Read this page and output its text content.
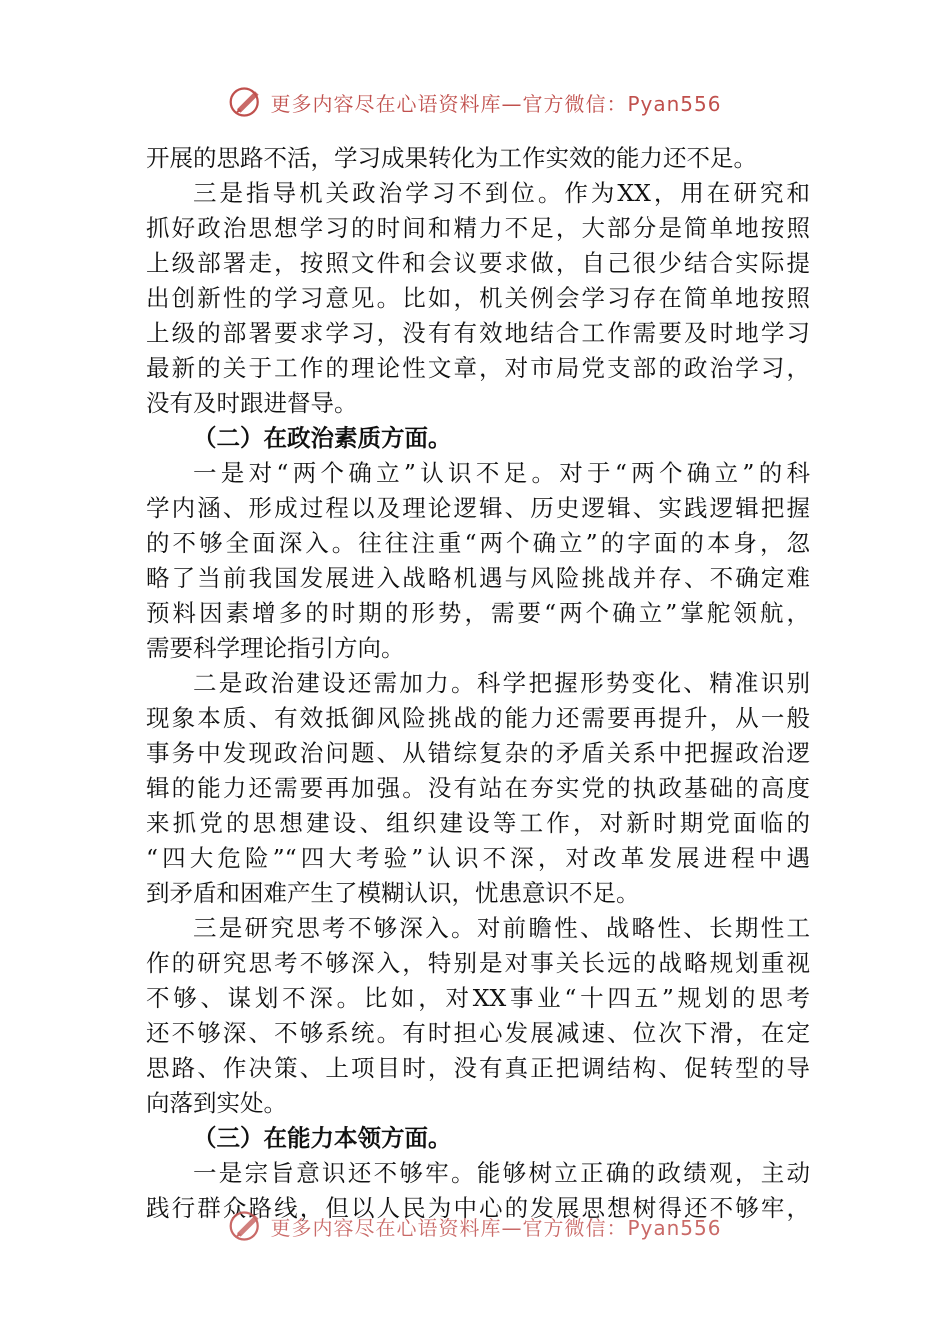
更多内容尽在心语资料库—官方微信：Pyan556
开展的思路不活，学习成果转化为工作实效的能力还不足。
三是指导机关政治学习不到位。作为XX，用在研究和
抓好政治思想学习的时间和精力不足，大部分是简单地按照
上级部署走，按照文件和会议要求做，自己很少结合实际提
出创新性的学习意见。比如，机关例会学习存在简单地按照
上级的部署要求学习，没有有效地结合工作需要及时地学习
最新的关于工作的理论性文章，对市局党支部的政治学习，
没有及时跟进督导。
（二）在政治素质方面。
一是对“两个确立”认识不足。对于“两个确立”的科
学内涵、形成过程以及理论逻辑、历史逻辑、实践逻辑把握
的不够全面深入。往往注重“两个确立”的字面的本身，忽
略了当前我国发展进入战略机遇与风险挑战并存、不确定难
预料因素增多的时期的形势，需要“两个确立”掌舵领航，
需要科学理论指引方向。
二是政治建设还需加力。科学把握形势变化、精准识别
现象本质、有效抵御风险挑战的能力还需要再提升，从一般
事务中发现政治问题、从错综复杂的矛盾关系中把握政治逻
辑的能力还需要再加强。没有站在夯实党的执政基础的高度
来抓党的思想建设、组织建设等工作，对新时期党面临的
“四大危险”“四大考验”认识不深，对改革发展进程中遇
到矛盾和困难产生了模糊认识，忧患意识不足。
三是研究思考不够深入。对前瞻性、战略性、长期性工
作的研究思考不够深入，特别是对事关长远的战略规划重视
不够、谋划不深。比如，对XX事业“十四五”规划的思考
还不够深、不够系统。有时担心发展减速、位次下滑，在定
思路、作决策、上项目时，没有真正把调结构、促转型的导
向落到实处。
（三）在能力本领方面。
一是宗旨意识还不够牢。能够树立正确的政绩观，主动
践行群众路线，但以人民为中心的发展思想树得还不够牢，
更多内容尽在心语资料库—官方微信：Pyan556
